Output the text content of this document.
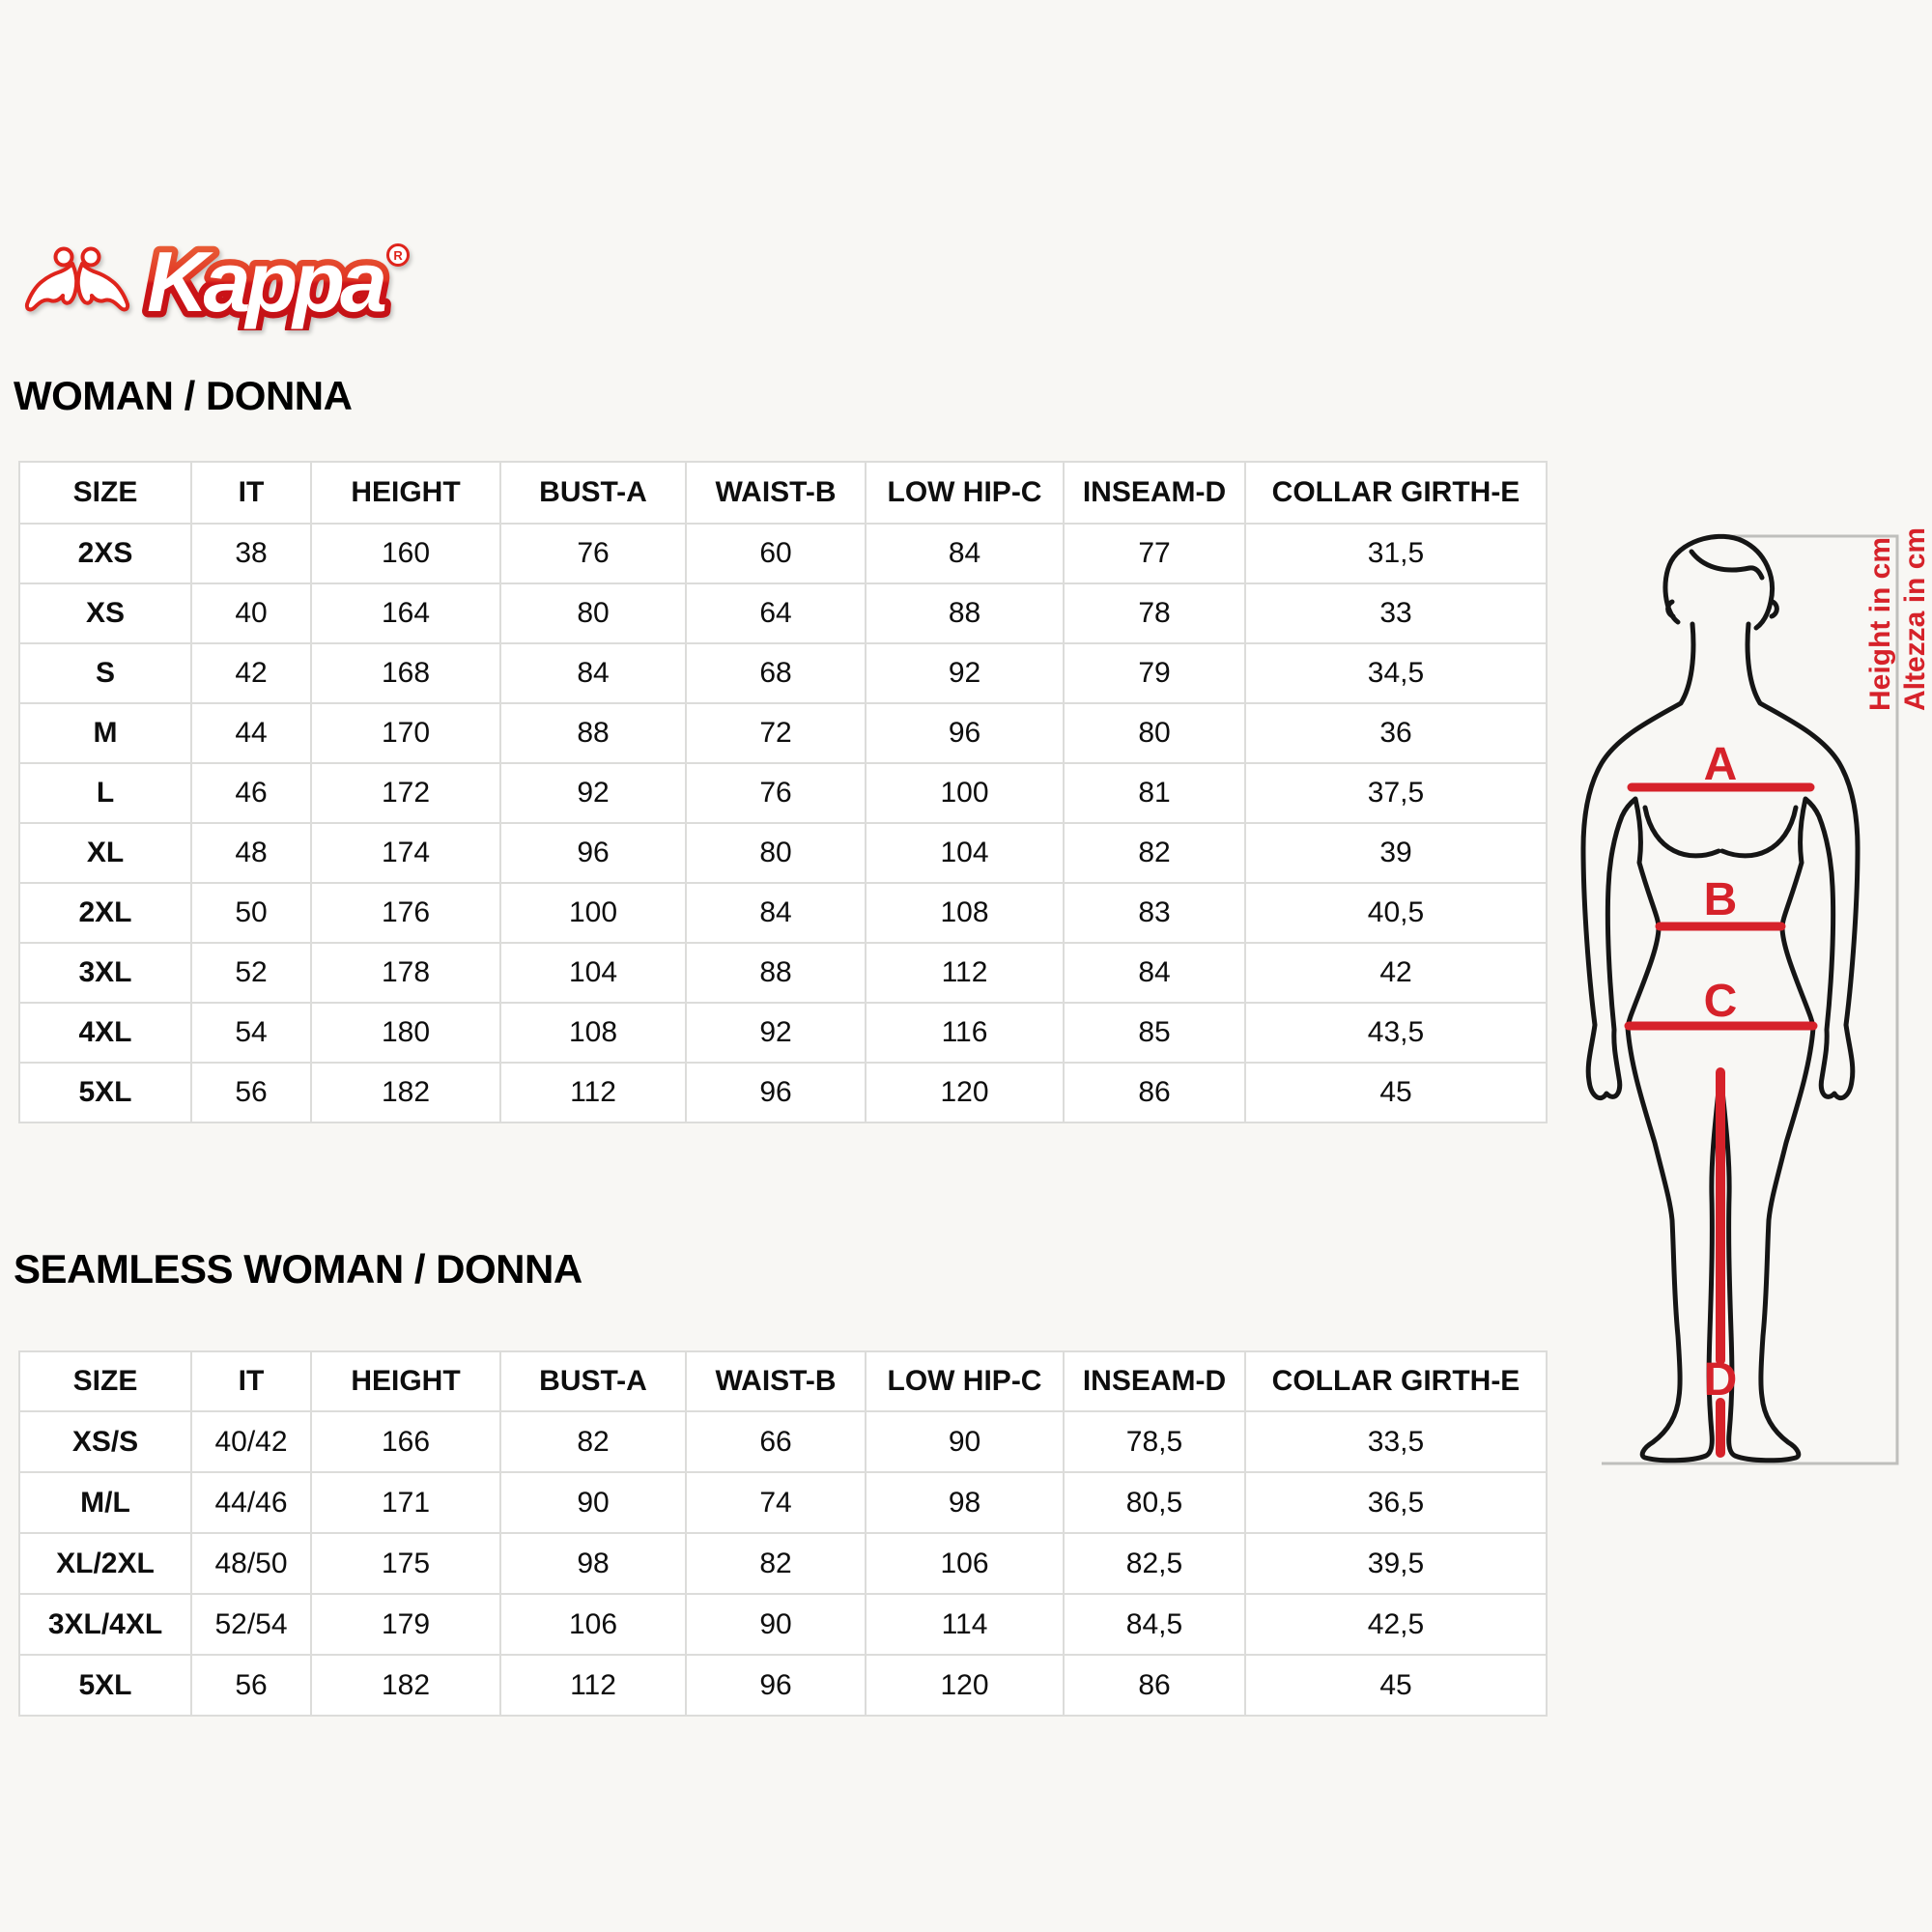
Kappa R
WOMAN / DONNA
SEAMLESS WOMAN / DONNA
SIZE	IT	HEIGHT	BUST-A	WAIST-B	LOW HIP-C	INSEAM-D	COLLAR GIRTH-E
2XS	38	160	76	60	84	77	31,5
XS	40	164	80	64	88	78	33
S	42	168	84	68	92	79	34,5
M	44	170	88	72	96	80	36
L	46	172	92	76	100	81	37,5
XL	48	174	96	80	104	82	39
2XL	50	176	100	84	108	83	40,5
3XL	52	178	104	88	112	84	42
4XL	54	180	108	92	116	85	43,5
5XL	56	182	112	96	120	86	45
SIZE	IT	HEIGHT	BUST-A	WAIST-B	LOW HIP-C	INSEAM-D	COLLAR GIRTH-E
XS/S	40/42	166	82	66	90	78,5	33,5
M/L	44/46	171	90	74	98	80,5	36,5
XL/2XL	48/50	175	98	82	106	82,5	39,5
3XL/4XL	52/54	179	106	90	114	84,5	42,5
5XL	56	182	112	96	120	86	45
Height in cm Altezza in cm
A
B
C
D
